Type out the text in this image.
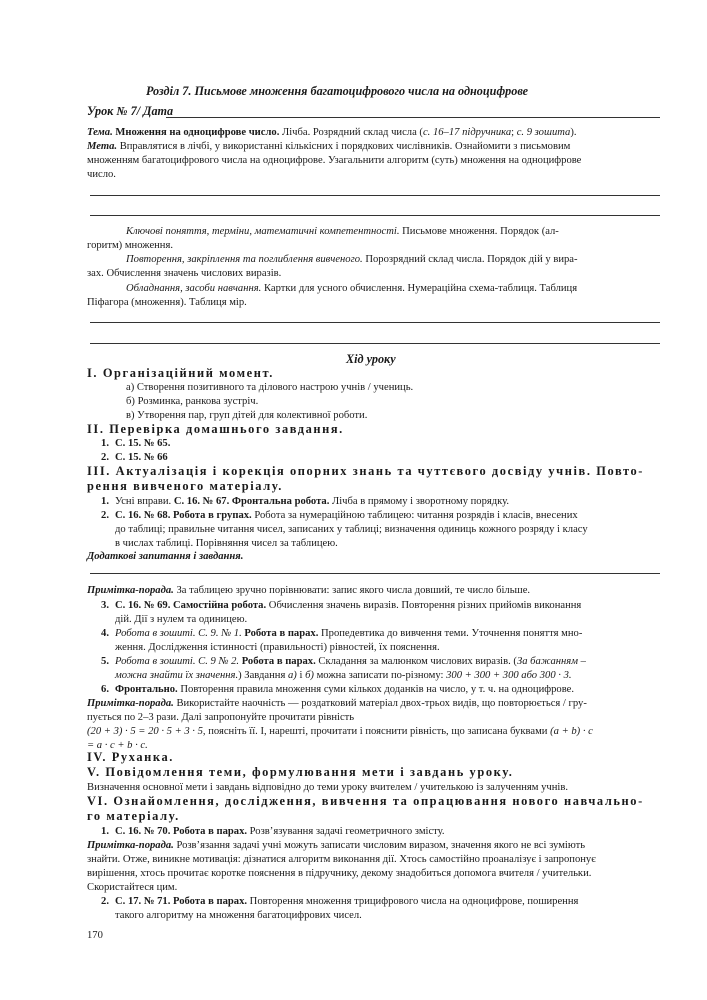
Розділ 7. Письмове множення багатоцифрового числа на одноцифрове
Урок № 7/ Дата
Тема. Множення на одноцифрове число. Лічба. Розрядний склад числа (с. 16–17 підручника; с. 9 зошита).
Мета. Вправлятися в лічбі, у використанні кількісних і порядкових числівників. Ознайомити з письмовим
множенням багатоцифрового числа на одноцифрове. Узагальнити алгоритм (суть) множення на одноцифрове
число.
Ключові поняття, терміни, математичні компетентності. Письмове множення. Порядок (ал-
горитм) множення.
Повторення, закріплення та поглиблення вивченого. Порозрядний склад числа. Порядок дій у вира-
зах. Обчислення значень числових виразів.
Обладнання, засоби навчання. Картки для усного обчислення. Нумераційна схема-таблиця. Таблиця
Піфагора (множення). Таблиця мір.
Хід уроку
I. Організаційний момент.
а) Створення позитивного та ділового настрою учнів / учениць.
б) Розминка, ранкова зустріч.
в) Утворення пар, груп дітей для колективної роботи.
II. Перевірка домашнього завдання.
1. С. 15. № 65.
2. С. 15. № 66
III. Актуалізація і корекція опорних знань та чуттєвого досвіду учнів. Повто-
рення вивченого матеріалу.
1. Усні вправи. С. 16. № 67. Фронтальна робота. Лічба в прямому і зворотному порядку.
2. С. 16. № 68. Робота в групах. Робота за нумераційною таблицею: читання розрядів і класів, внесених
до таблиці; правильне читання чисел, записаних у таблиці; визначення одиниць кожного розряду і класу
в числах таблиці. Порівняння чисел за таблицею.
Додаткові запитання і завдання.
Примітка-порада. За таблицею зручно порівнювати: запис якого числа довший, те число більше.
3. С. 16. № 69. Самостійна робота. Обчислення значень виразів. Повторення різних прийомів виконання
дій. Дії з нулем та одиницею.
4. Робота в зошиті. С. 9. № 1. Робота в парах. Пропедевтика до вивчення теми. Уточнення поняття мно-
ження. Дослідження істинності (правильності) рівностей, їх пояснення.
5. Робота в зошиті. С. 9 № 2. Робота в парах. Складання за малюнком числових виразів. (За бажанням –
можна знайти їх значення.) Завдання а) і б) можна записати по-різному: 300 + 300 + 300 або 300 · 3.
6. Фронтально. Повторення правила множення суми кількох доданків на число, у т. ч. на одноцифрове.
Примітка-порада. Використайте наочність — роздатковий матеріал двох-трьох видів, що повторюється / гру-
пується по 2–3 рази. Далі запропонуйте прочитати рівність
(20 + 3) · 5 = 20 · 5 + 3 · 5, поясніть її. І, нарешті, прочитати і пояснити рівність, що записана буквами (a + b) · c
= a · c + b · c.
IV. Руханка.
V. Повідомлення теми, формулювання мети і завдань уроку.
Визначення основної мети і завдань відповідно до теми уроку вчителем / учителькою із залученням учнів.
VI. Ознайомлення, дослідження, вивчення та опрацювання нового навчально-
го матеріалу.
1. С. 16. № 70. Робота в парах. Розв’язування задачі геометричного змісту.
Примітка-порада. Розв’язання задачі учні можуть записати числовим виразом, значення якого не всі зуміють
знайти. Отже, виникне мотивація: дізнатися алгоритм виконання дії. Хтось самостійно проаналізує і запропонує
вирішення, хтось прочитає коротке пояснення в підручнику, декому знадобиться допомога вчителя / учительки.
Скористайтеся цим.
2. С. 17. № 71. Робота в парах. Повторення множення трицифрового числа на одноцифрове, поширення
такого алгоритму на множення багатоцифрових чисел.
170
